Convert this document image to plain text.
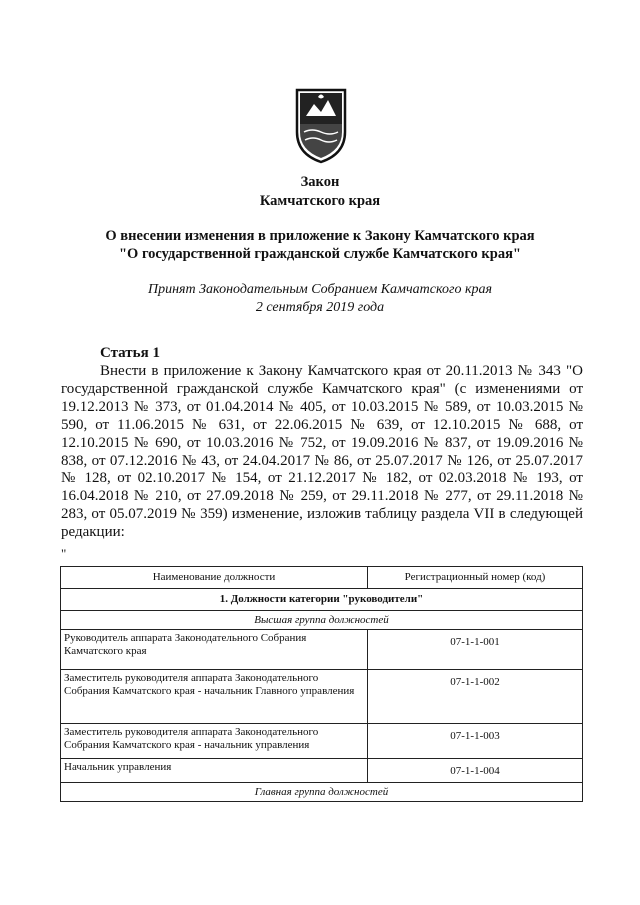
Закон
Камчатского края
О внесении изменения в приложение к Закону Камчатского края
"О государственной гражданской службе Камчатского края"
Принят Законодательным Собранием Камчатского края
2 сентября 2019 года
Статья 1
Внести в приложение к Закону Камчатского края от 20.11.2013 № 343 "О государственной гражданской службе Камчатского края" (с изменениями от 19.12.2013 № 373, от 01.04.2014 № 405, от 10.03.2015 № 589, от 10.03.2015 № 590, от 11.06.2015 № 631, от 22.06.2015 № 639, от 12.10.2015 № 688, от 12.10.2015 № 690, от 10.03.2016 № 752, от 19.09.2016 № 837, от 19.09.2016 № 838, от 07.12.2016 № 43, от 24.04.2017 № 86, от 25.07.2017 № 126, от 25.07.2017 № 128, от 02.10.2017 № 154, от 21.12.2017 № 182, от 02.03.2018 № 193, от 16.04.2018 № 210, от 27.09.2018 № 259, от 29.11.2018 № 277, от 29.11.2018 № 283, от 05.07.2019 № 359) изменение, изложив таблицу раздела VII в следующей редакции:
"
Наименование должности	Регистрационный номер (код)
1. Должности категории "руководители"	
Высшая группа должностей	
Руководитель аппарата Законодательного Собрания Камчатского края	07-1-1-001
Заместитель руководителя аппарата Законодательного Собрания Камчатского края - начальник Главного управления	07-1-1-002
Заместитель руководителя аппарата Законодательного Собрания Камчатского края - начальник управления	07-1-1-003
Начальник управления	07-1-1-004
Главная группа должностей	
